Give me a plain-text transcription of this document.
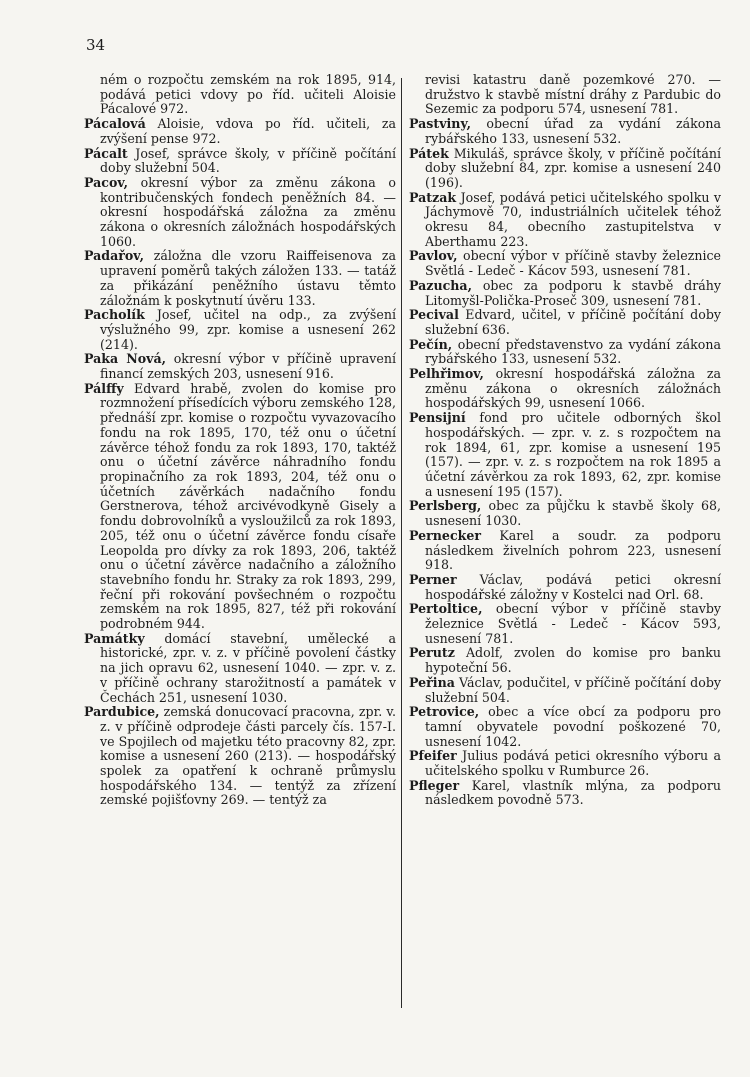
34

ném o rozpočtu zemském na rok 1895, 914, podává petici vdovy po říd. učiteli Aloisie Pácalové 972.

Pácalová Aloisie, vdova po říd. učiteli, za zvýšení pense 972.

Pácalt Josef, správce školy, v příčině počítání doby služební 504.

Pacov, okresní výbor za změnu zákona o kontribučenských fondech peněžních 84. — okresní hospodářská záložna za změnu zákona o okresních záložnách hospodářských 1060.

Padařov, záložna dle vzoru Raiffeisenova za upravení poměrů takých záložen 133. — tatáž za přikázání peněžního ústavu těmto záložnám k poskytnutí úvěru 133.

Pacholík Josef, učitel na odp., za zvýšení výslužného 99, zpr. komise a usnesení 262 (214).

Paka Nová, okresní výbor v příčině upravení financí zemských 203, usnesení 916.

Pálffy Edvard hrabě, zvolen do komise pro rozmnožení přísedících výboru zemského 128, přednáší zpr. komise o rozpočtu vyvazovacího fondu na rok 1895, 170, též onu o účetní závěrce téhož fondu za rok 1893, 170, taktéž onu o účetní závěrce náhradního fondu propinačního za rok 1893, 204, též onu o účetních závěrkách nadačního fondu Gerstnerova, téhož arcivévodkyně Gisely a fondu dobrovolníků a vysloužilců za rok 1893, 205, též onu o účetní závěrce fondu císaře Leopolda pro dívky za rok 1893, 206, taktéž onu o účetní závěrce nadačního a záložního stavebního fondu hr. Straky za rok 1893, 299, řeční při rokování povšechném o rozpočtu zemském na rok 1895, 827, též při rokování podrobném 944.

Památky domácí stavební, umělecké a historické, zpr. v. z. v příčině povolení částky na jich opravu 62, usnesení 1040. — zpr. v. z. v příčině ochrany starožitností a památek v Čechách 251, usnesení 1030.

Pardubice, zemská donucovací pracovna, zpr. v. z. v příčině odprodeje části parcely čís. 157-I. ve Spojilech od majetku této pracovny 82, zpr. komise a usnesení 260 (213). — hospodářský spolek za opatření k ochraně průmyslu hospodářského 134. — tentýž za zřízení zemské pojišťovny 269. — tentýž za

revisi katastru daně pozemkové 270. — družstvo k stavbě místní dráhy z Pardubic do Sezemic za podporu 574, usnesení 781.

Pastviny, obecní úřad za vydání zákona rybářského 133, usnesení 532.

Pátek Mikuláš, správce školy, v příčině počítání doby služební 84, zpr. komise a usnesení 240 (196).

Patzak Josef, podává petici učitelského spolku v Jáchymově 70, industriálních učitelek téhož okresu 84, obecního zastupitelstva v Aberthamu 223.

Pavlov, obecní výbor v příčině stavby železnice Světlá - Ledeč - Kácov 593, usnesení 781.

Pazucha, obec za podporu k stavbě dráhy Litomyšl-Polička-Proseč 309, usnesení 781.

Pecival Edvard, učitel, v příčině počítání doby služební 636.

Pečín, obecní představenstvo za vydání zákona rybářského 133, usnesení 532.

Pelhřimov, okresní hospodářská záložna za změnu zákona o okresních záložnách hospodářských 99, usnesení 1066.

Pensijní fond pro učitele odborných škol hospodářských. — zpr. v. z. s rozpočtem na rok 1894, 61, zpr. komise a usnesení 195 (157). — zpr. v. z. s rozpočtem na rok 1895 a účetní závěrkou za rok 1893, 62, zpr. komise a usnesení 195 (157).

Perlsberg, obec za půjčku k stavbě školy 68, usnesení 1030.

Pernecker Karel a soudr. za podporu následkem živelních pohrom 223, usnesení 918.

Perner Václav, podává petici okresní hospodářské záložny v Kostelci nad Orl. 68.

Pertoltice, obecní výbor v příčině stavby železnice Světlá - Ledeč - Kácov 593, usnesení 781.

Perutz Adolf, zvolen do komise pro banku hypoteční 56.

Peřina Václav, podučitel, v příčině počítání doby služební 504.

Petrovice, obec a více obcí za podporu pro tamní obyvatele povodní poškozené 70, usnesení 1042.

Pfeifer Julius podává petici okresního výboru a učitelského spolku v Rumburce 26.

Pfleger Karel, vlastník mlýna, za podporu následkem povodně 573.
